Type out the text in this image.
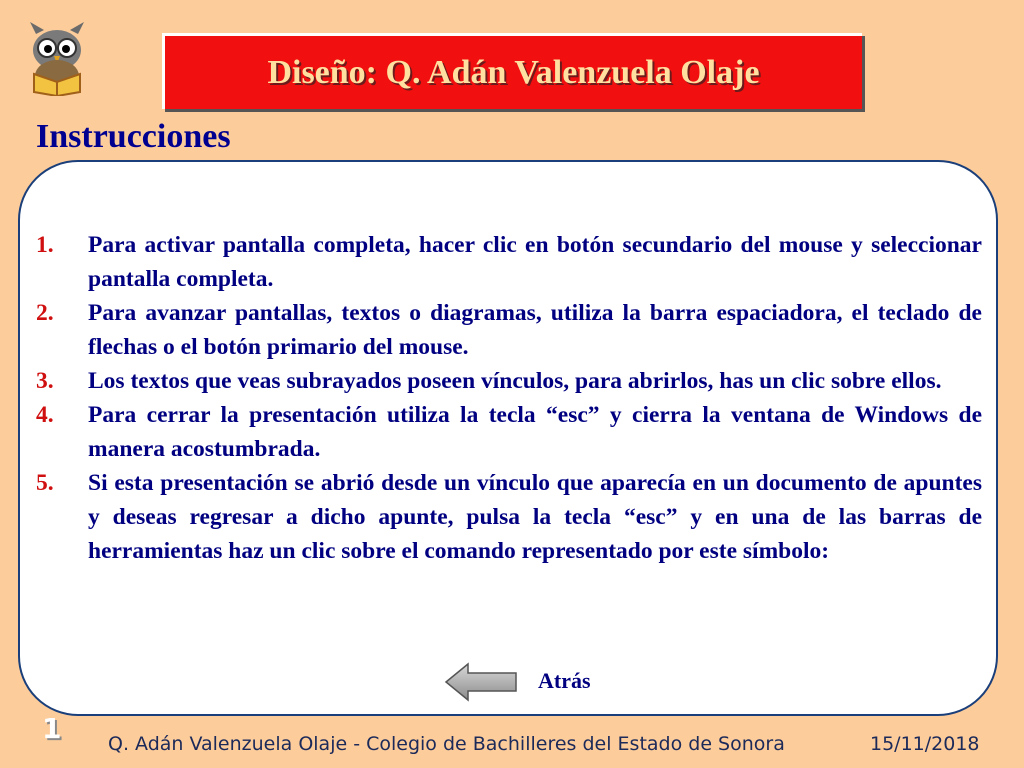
Diseño: Q. Adán Valenzuela Olaje
Instrucciones
1.	Para activar pantalla completa, hacer clic en botón secundario del mouse y seleccionar pantalla completa.
2.	Para avanzar pantallas, textos o diagramas, utiliza la barra espaciadora, el teclado de flechas o el botón primario del mouse.
3.	Los textos que veas subrayados poseen vínculos, para abrirlos, has un clic sobre ellos.
4.	Para cerrar la presentación utiliza la tecla “esc” y cierra la ventana de Windows de manera acostumbrada.
5.	Si esta presentación se abrió desde un vínculo que aparecía en un documento de apuntes y deseas regresar a dicho apunte, pulsa la tecla “esc” y en una de las barras de herramientas haz un clic sobre el comando representado por este símbolo:
Atrás
1 Q. Adán Valenzuela Olaje - Colegio de Bachilleres del Estado de Sonora	15/11/2018
